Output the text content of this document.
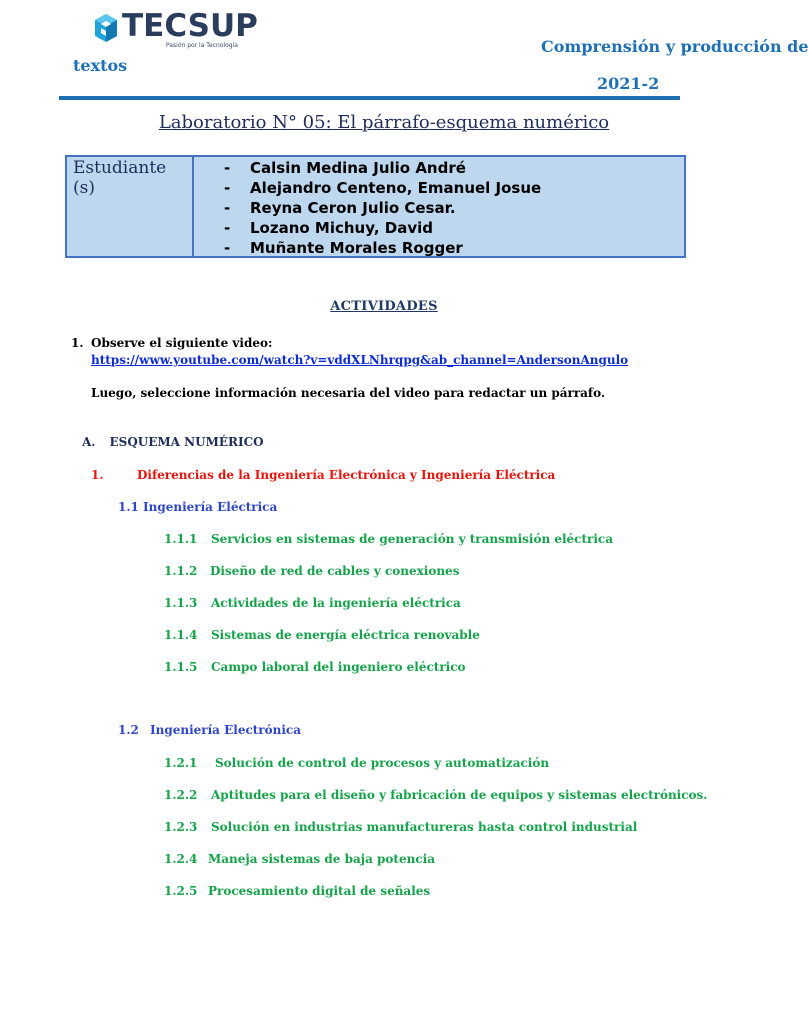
TECSUP
Pasión por la Tecnología	Comprensión y producción de
textos
2021-2
Laboratorio N° 05: El párrafo-esquema numérico
Estudiante
(s)
- Calsin Medina Julio André
- Alejandro Centeno, Emanuel Josue
- Reyna Ceron Julio Cesar.
- Lozano Michuy, David
- Muñante Morales Rogger
ACTIVIDADES
1. Observe el siguiente video:
https://www.youtube.com/watch?v=vddXLNhrqpg&ab_channel=AndersonAngulo
Luego, seleccione información necesaria del video para redactar un párrafo.
A. ESQUEMA NUMÉRICO
1.	Diferencias de la Ingeniería Electrónica y Ingeniería Eléctrica
1.1 Ingeniería Eléctrica
1.1.1 Servicios en sistemas de generación y transmisión eléctrica
1.1.2 Diseño de red de cables y conexiones
1.1.3 Actividades de la ingeniería eléctrica
1.1.4 Sistemas de energía eléctrica renovable
1.1.5 Campo laboral del ingeniero eléctrico
1.2 Ingeniería Electrónica
1.2.1 Solución de control de procesos y automatización
1.2.2 Aptitudes para el diseño y fabricación de equipos y sistemas electrónicos.
1.2.3 Solución en industrias manufactureras hasta control industrial
1.2.4 Maneja sistemas de baja potencia
1.2.5 Procesamiento digital de señales
